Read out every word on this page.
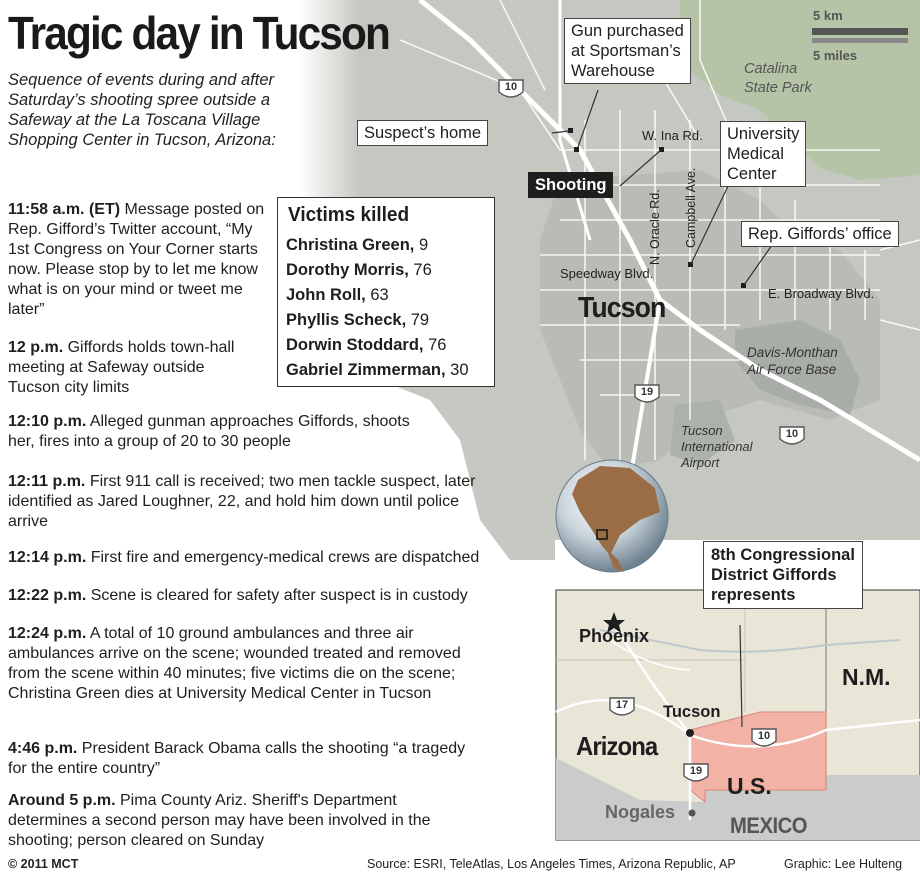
Tragic day in Tucson

Sequence of events during and after Saturday’s shooting spree outside a Safeway at the La Toscana Village Shopping Center in Tucson, Arizona:

11:58 a.m. (ET) Message posted on Rep. Gifford’s Twitter account, “My 1st Congress on Your Corner starts now. Please stop by to let me know what is on your mind or tweet me later”
12 p.m. Giffords holds town-hall meeting at Safeway outside Tucson city limits
12:10 p.m. Alleged gunman approaches Giffords, shoots her, fires into a group of 20 to 30 people
12:11 p.m. First 911 call is received; two men tackle suspect, later identified as Jared Loughner, 22, and hold him down until police arrive
12:14 p.m. First fire and emergency-medical crews are dispatched
12:22 p.m. Scene is cleared for safety after suspect is in custody
12:24 p.m. A total of 10 ground ambulances and three air ambulances arrive on the scene; wounded treated and removed from the scene within 40 minutes; five victims die on the scene; Christina Green dies at University Medical Center in Tucson
4:46 p.m. President Barack Obama calls the shooting “a tragedy for the entire country”
Around 5 p.m. Pima County Ariz. Sheriff's Department determines a second person may have been involved in the shooting; person cleared on Sunday
Victims killed
Christina Green, 9
Dorothy Morris, 76
John Roll, 63
Phyllis Scheck, 79
Dorwin Stoddard, 76
Gabriel Zimmerman, 30
Gun purchased
at Sportsman’s
Warehouse
Suspect’s home
Shooting
University
Medical
Center
Rep. Giffords’ office
5 km
5 miles
Catalina
State Park
W. Ina Rd.
N. Oracle Rd. Campbell Ave.
Speedway Blvd.
E. Broadway Blvd.
Tucson
Davis-Monthan
Air Force Base
Tucson
International
Airport
10
19
10
8th Congressional
District Giffords
represents
Phoenix
Tucson
Arizona
N.M.
U.S.
MEXICO
Nogales
17
10
19
© 2011 MCT	Source: ESRI, TeleAtlas, Los Angeles Times, Arizona Republic, AP	Graphic: Lee Hulteng
